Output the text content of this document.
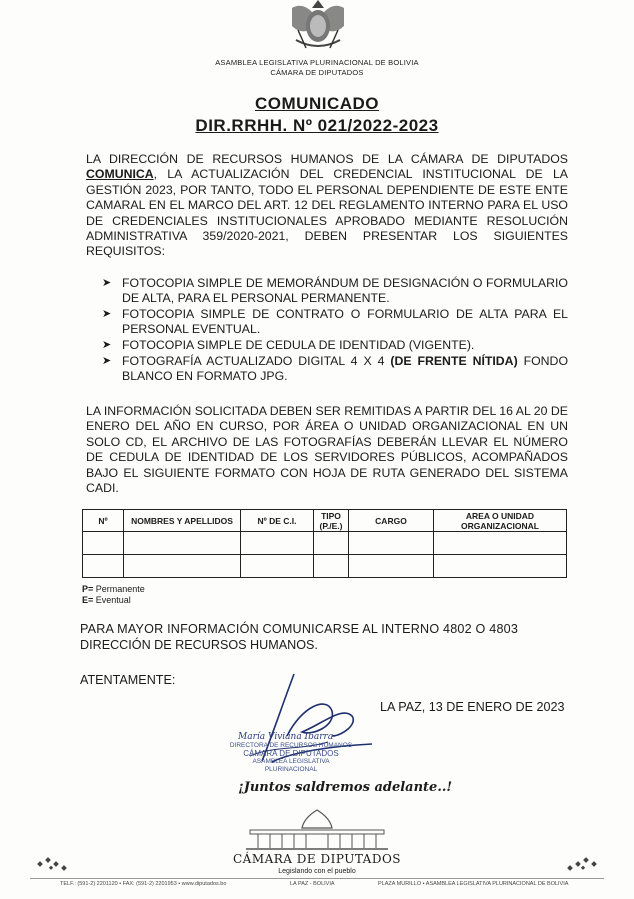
ASAMBLEA LEGISLATIVA PLURINACIONAL DE BOLIVIA
CÁMARA DE DIPUTADOS
COMUNICADO
DIR.RRHH. Nº 021/2022-2023
LA DIRECCIÓN DE RECURSOS HUMANOS DE LA CÁMARA DE DIPUTADOS COMUNICA, LA ACTUALIZACIÓN DEL CREDENCIAL INSTITUCIONAL DE LA GESTIÓN 2023, POR TANTO, TODO EL PERSONAL DEPENDIENTE DE ESTE ENTE CAMARAL EN EL MARCO DEL ART. 12 DEL REGLAMENTO INTERNO PARA EL USO DE CREDENCIALES INSTITUCIONALES APROBADO MEDIANTE RESOLUCIÓN ADMINISTRATIVA 359/2020-2021, DEBEN PRESENTAR LOS SIGUIENTES REQUISITOS:
➤ FOTOCOPIA SIMPLE DE MEMORÁNDUM DE DESIGNACIÓN O FORMULARIO DE ALTA, PARA EL PERSONAL PERMANENTE.
➤ FOTOCOPIA SIMPLE DE CONTRATO O FORMULARIO DE ALTA PARA EL PERSONAL EVENTUAL.
➤ FOTOCOPIA SIMPLE DE CEDULA DE IDENTIDAD (VIGENTE).
➤ FOTOGRAFÍA ACTUALIZADO DIGITAL 4 X 4 (DE FRENTE NÍTIDA) FONDO BLANCO EN FORMATO JPG.
LA INFORMACIÓN SOLICITADA DEBEN SER REMITIDAS A PARTIR DEL 16 AL 20 DE ENERO DEL AÑO EN CURSO, POR ÁREA O UNIDAD ORGANIZACIONAL EN UN SOLO CD, EL ARCHIVO DE LAS FOTOGRAFÍAS DEBERÁN LLEVAR EL NÚMERO DE CEDULA DE IDENTIDAD DE LOS SERVIDORES PÚBLICOS, ACOMPAÑADOS BAJO EL SIGUIENTE FORMATO CON HOJA DE RUTA GENERADO DEL SISTEMA CADI.
Nº	NOMBRES Y APELLIDOS	Nº DE C.I.	TIPO (P./E.)	CARGO	AREA O UNIDAD ORGANIZACIONAL

P= Permanente
E= Eventual
PARA MAYOR INFORMACIÓN COMUNICARSE AL INTERNO 4802 O 4803
DIRECCIÓN DE RECURSOS HUMANOS.
ATENTAMENTE:
LA PAZ, 13 DE ENERO DE 2023
María Viviana Ibarra
DIRECTORA DE RECURSOS HUMANOS
CÁMARA DE DIPUTADOS
ASAMBLEA LEGISLATIVA PLURINACIONAL
¡Juntos saldremos adelante..!
CÁMARA DE DIPUTADOS
Legislando con el pueblo
TELF.: (591-2) 2201120 • FAX: (591-2) 2201953 • www.diputados.bo	LA PAZ - BOLIVIA	PLAZA MURILLO • ASAMBLEA LEGISLATIVA PLURINACIONAL DE BOLIVIA
